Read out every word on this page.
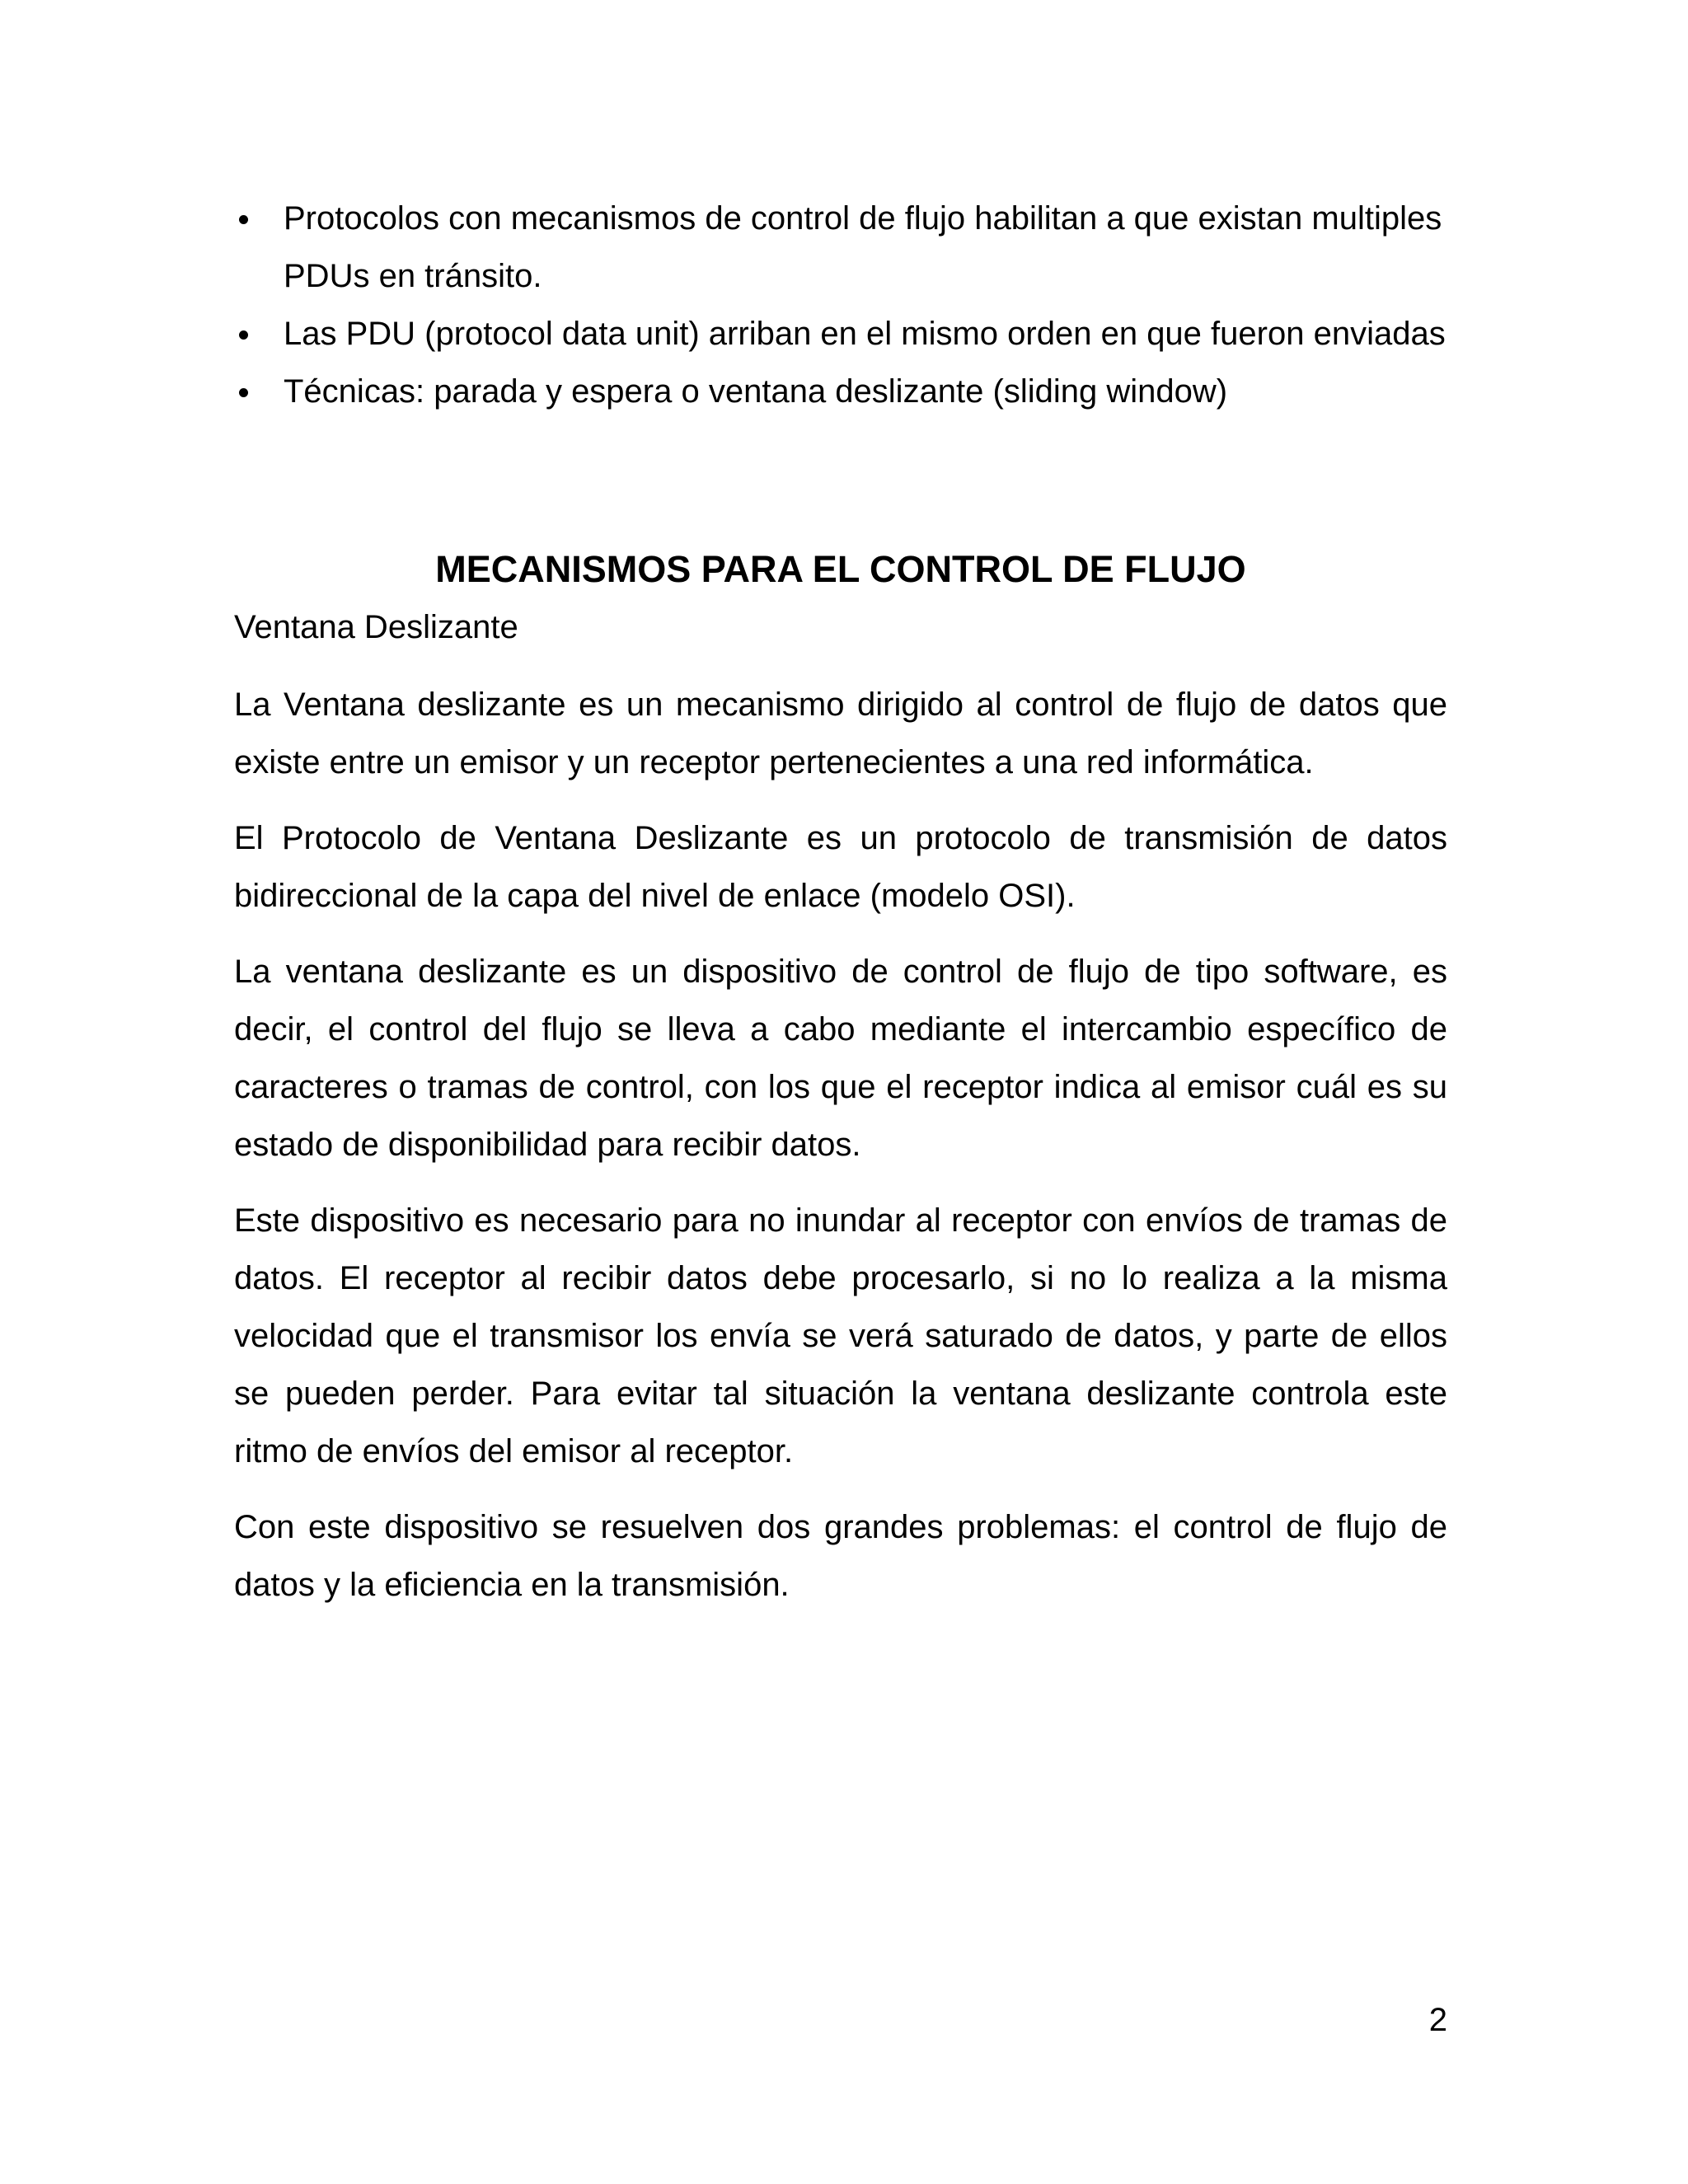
Protocolos con mecanismos de control de flujo habilitan a que existan multiples PDUs en tránsito.
Las PDU (protocol data unit) arriban en el mismo orden en que fueron enviadas
Técnicas: parada y espera o ventana deslizante (sliding window)
MECANISMOS PARA EL CONTROL DE FLUJO

Ventana Deslizante

La Ventana deslizante es un mecanismo dirigido al control de flujo de datos que existe entre un emisor y un receptor pertenecientes a una red informática.

El Protocolo de Ventana Deslizante es un protocolo de transmisión de datos bidireccional de la capa del nivel de enlace (modelo OSI).

La ventana deslizante es un dispositivo de control de flujo de tipo software, es decir, el control del flujo se lleva a cabo mediante el intercambio específico de caracteres o tramas de control, con los que el receptor indica al emisor cuál es su estado de disponibilidad para recibir datos.

Este dispositivo es necesario para no inundar al receptor con envíos de tramas de datos. El receptor al recibir datos debe procesarlo, si no lo realiza a la misma velocidad que el transmisor los envía se verá saturado de datos, y parte de ellos se pueden perder. Para evitar tal situación la ventana deslizante controla este ritmo de envíos del emisor al receptor.

Con este dispositivo se resuelven dos grandes problemas: el control de flujo de datos y la eficiencia en la transmisión.

2
